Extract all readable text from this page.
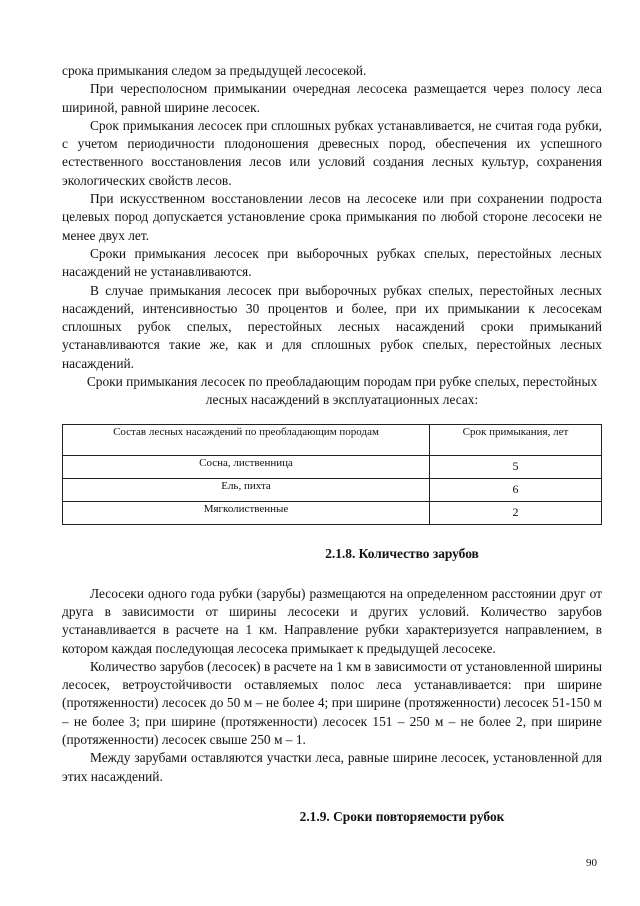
срока примыкания следом за предыдущей лесосекой.

При чересполосном примыкании очередная лесосека размещается через полосу леса шириной, равной ширине лесосек.

Срок примыкания лесосек при сплошных рубках устанавливается, не считая года рубки, с учетом периодичности плодоношения древесных пород, обеспечения их успешного естественного восстановления лесов или условий создания лесных культур, сохранения экологических свойств лесов.

При искусственном восстановлении лесов на лесосеке или при сохранении подроста целевых пород допускается установление срока примыкания по любой стороне лесосеки не менее двух лет.

Сроки примыкания лесосек при выборочных рубках спелых, перестойных лесных насаждений не устанавливаются.

В случае примыкания лесосек при выборочных рубках спелых, перестойных лесных насаждений, интенсивностью 30 процентов и более, при их примыкании к лесосекам сплошных рубок спелых, перестойных лесных насаждений сроки примыканий устанавливаются такие же, как и для сплошных рубок спелых, перестойных лесных насаждений.

Сроки примыкания лесосек по преобладающим породам при рубке спелых, перестойных лесных насаждений в эксплуатационных лесах:

Состав лесных насаждений по преобладающим породам	Срок примыкания, лет
Сосна, лиственница	5
Ель, пихта	6
Мягколиственные	2
2.1.8. Количество зарубов

Лесосеки одного года рубки (зарубы) размещаются на определенном расстоянии друг от друга в зависимости от ширины лесосеки и других условий. Количество зарубов устанавливается в расчете на 1 км. Направление рубки характеризуется направлением, в котором каждая последующая лесосека примыкает к предыдущей лесосеке.

Количество зарубов (лесосек) в расчете на 1 км в зависимости от установленной ширины лесосек, ветроустойчивости оставляемых полос леса устанавливается: при ширине (протяженности) лесосек до 50 м – не более 4; при ширине (протяженности) лесосек 51-150 м – не более 3; при ширине (протяженности) лесосек 151 – 250 м – не более 2, при ширине (протяженности) лесосек свыше 250 м – 1.

Между зарубами оставляются участки леса, равные ширине лесосек, установленной для этих насаждений.

2.1.9. Сроки повторяемости рубок
90
